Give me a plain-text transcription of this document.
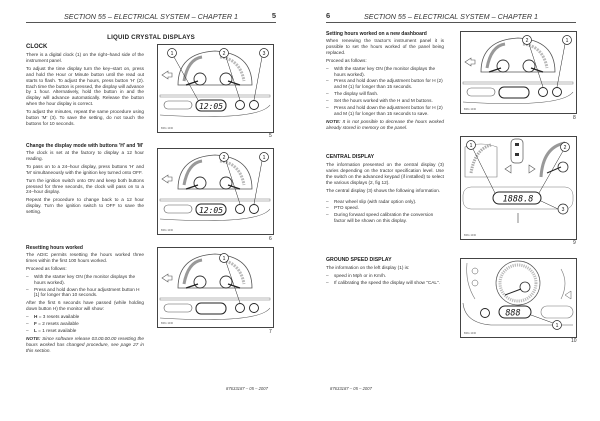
SECTION 55 – ELECTRICAL SYSTEM – CHAPTER 1	5
LIQUID CRYSTAL DISPLAYS
CLOCK

There is a digital clock (1) on the right–hand side of the instrument panel.

To adjust the time display turn the key–start on, press and hold the Hour or Minute button until the read out starts to flash. To adjust the hours, press button 'H' (2). Each time the button is pressed, the display will advance by 1 hour. Alternatively, hold the button in and the display will advance automatically. Release the button when the hour display is correct.

To adjust the minutes, repeat the same procedure using button 'M' (3). To save the setting, do not touch the buttons for 10 seconds.

Change the display mode with buttons 'H' and 'M'

The clock is set at the factory to display a 12 hour reading.

To pass on to a 24–hour display, press buttons 'H' and 'M' simultaneously with the ignition key turned onto OFF.

Turn the ignition switch onto ON and keep both buttons pressed for three seconds, the clock will pass on to a 24–hour display.

Repeat the procedure to change back to a 12 hour display. Turn the ignition switch to OFF to save the setting.

Resetting hours worked

The ADIC permits resetting the hours worked three times within the first 100 hours worked.

Proceed as follows:

– With the starter key ON (the monitor displays the hours worked).
– Press and hold down the hour adjustment button H [1] for longer than 10 seconds.

After the first 6 seconds have passed (while holding down button H) the monitor will show:

– H = 3 resets available
– F = 2 resets available
– L = 1 reset available

NOTE: Since software release 03.00.00.00 resetting the hours worked has changed procedure, see page 27 in this section.

12:05
1	2	3
BRG 1030
5
12:05
2	1
BRG 1030
6
1
BRG 1030
7
87633187 – 05 – 2007
SECTION 55 – ELECTRICAL SYSTEM – CHAPTER 1
6
Setting hours worked on a new dashboard

When renewing the tractor's instrument panel it is possible to set the hours worked of the panel being replaced.

Proceed as follows:

– With the starter key ON (the monitor displays the hours worked).
– Press and hold down the adjustment button for H (2) and M (1) for longer than 15 seconds.
– The display will flash.
– Set the hours worked with the H and M buttons.
– Press and hold down the adjustment button for H (2) and M (1) for longer than 15 seconds to save.

NOTE: It is not possible to decrease the hours worked already stored in memory on the panel.

CENTRAL DISPLAY

The information presented on the central display (3) varies depending on the tractor specification level. Use the switch on the advanced keypad (if installed) to select the various displays (2, fig 12).

The central display (3) shows the following information.

– Rear wheel slip (with radar option only).
– PTO speed.
– During forward speed calibration the conversion factor will be shown on this display.
GROUND SPEED DISPLAY

The information on the left display (1) is:

– speed in Mph or in Km/h.
– If calibrating the speed the display will show "CAL".
2	1
BRG 1030
8
1888.8
1	2
3
BRG 1030
9
888
1
BRG 1030
10
87633187 – 05 – 2007
